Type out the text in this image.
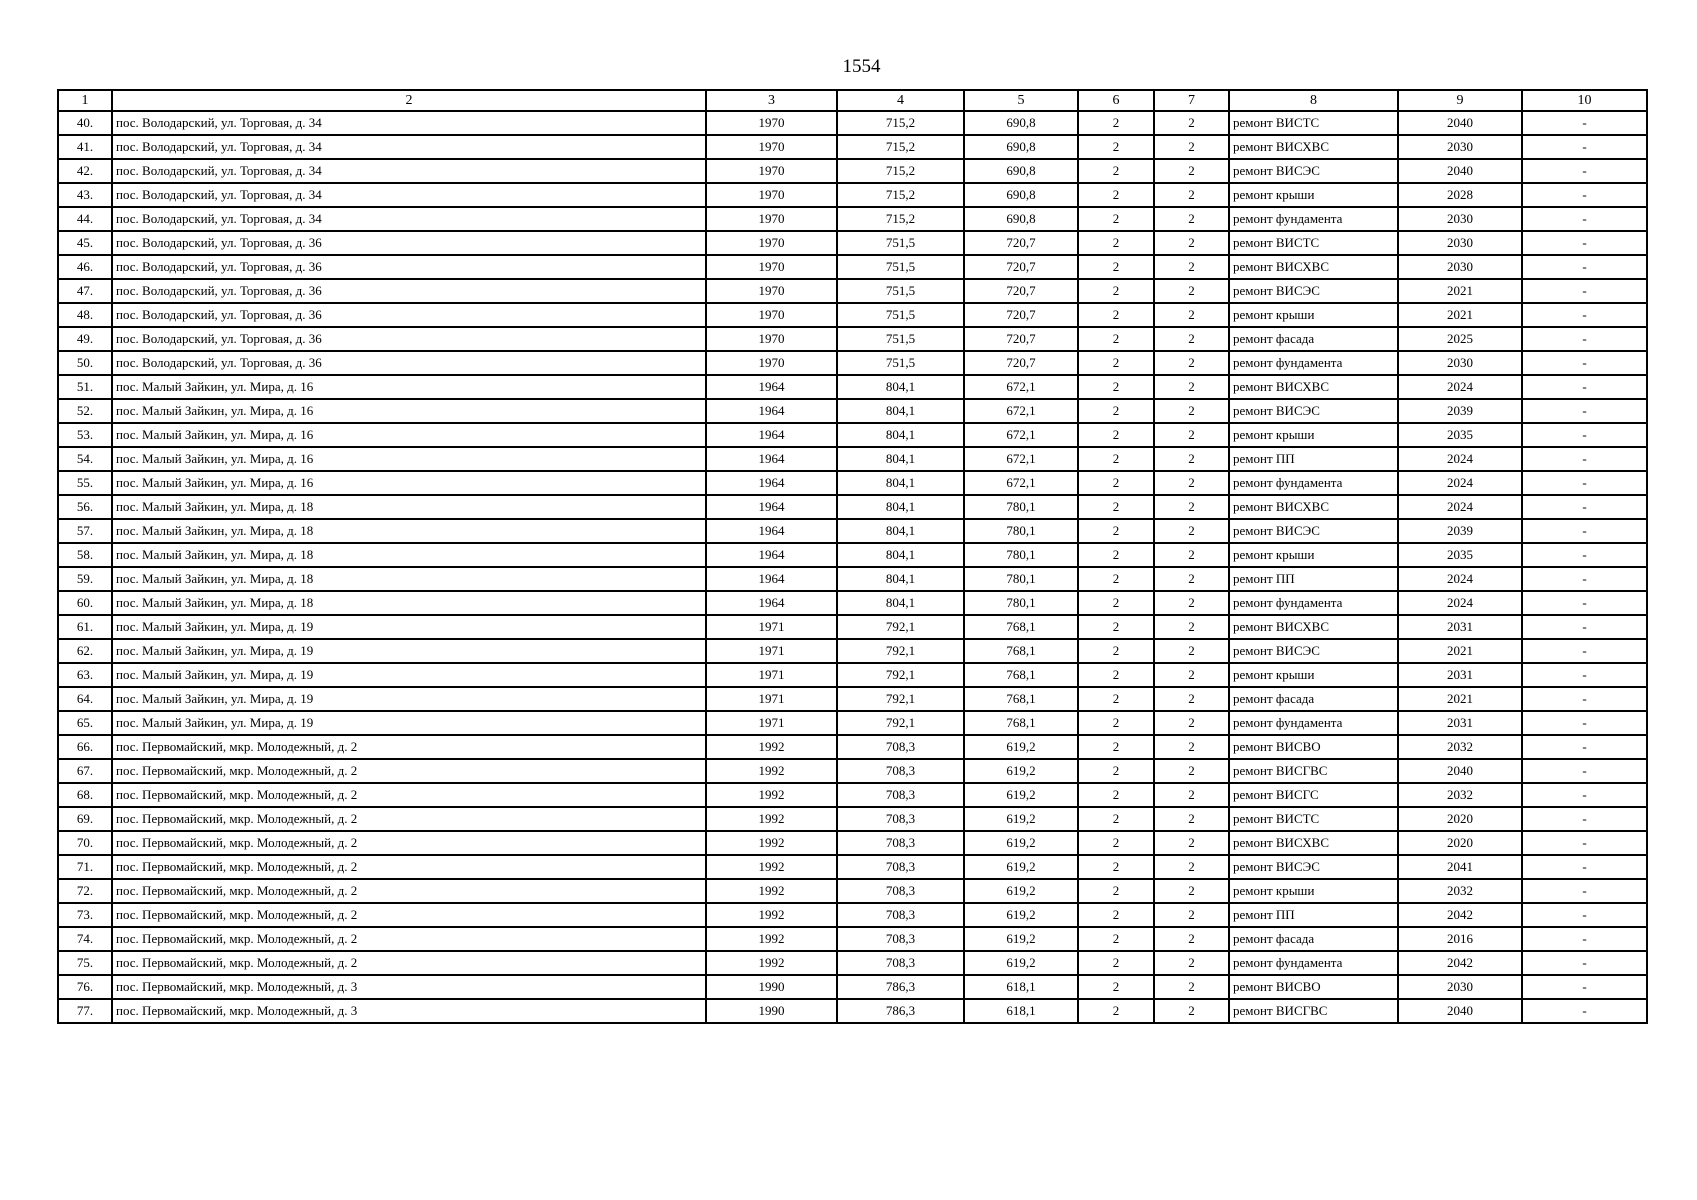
1554
1	2	3	4	5	6	7	8	9	10
40.	пос. Володарский, ул. Торговая, д. 34	1970	715,2	690,8	2	2	ремонт ВИСТС	2040	-
41.	пос. Володарский, ул. Торговая, д. 34	1970	715,2	690,8	2	2	ремонт ВИСХВС	2030	-
42.	пос. Володарский, ул. Торговая, д. 34	1970	715,2	690,8	2	2	ремонт ВИСЭС	2040	-
43.	пос. Володарский, ул. Торговая, д. 34	1970	715,2	690,8	2	2	ремонт крыши	2028	-
44.	пос. Володарский, ул. Торговая, д. 34	1970	715,2	690,8	2	2	ремонт фундамента	2030	-
45.	пос. Володарский, ул. Торговая, д. 36	1970	751,5	720,7	2	2	ремонт ВИСТС	2030	-
46.	пос. Володарский, ул. Торговая, д. 36	1970	751,5	720,7	2	2	ремонт ВИСХВС	2030	-
47.	пос. Володарский, ул. Торговая, д. 36	1970	751,5	720,7	2	2	ремонт ВИСЭС	2021	-
48.	пос. Володарский, ул. Торговая, д. 36	1970	751,5	720,7	2	2	ремонт крыши	2021	-
49.	пос. Володарский, ул. Торговая, д. 36	1970	751,5	720,7	2	2	ремонт фасада	2025	-
50.	пос. Володарский, ул. Торговая, д. 36	1970	751,5	720,7	2	2	ремонт фундамента	2030	-
51.	пос. Малый Зайкин, ул. Мира, д. 16	1964	804,1	672,1	2	2	ремонт ВИСХВС	2024	-
52.	пос. Малый Зайкин, ул. Мира, д. 16	1964	804,1	672,1	2	2	ремонт ВИСЭС	2039	-
53.	пос. Малый Зайкин, ул. Мира, д. 16	1964	804,1	672,1	2	2	ремонт крыши	2035	-
54.	пос. Малый Зайкин, ул. Мира, д. 16	1964	804,1	672,1	2	2	ремонт ПП	2024	-
55.	пос. Малый Зайкин, ул. Мира, д. 16	1964	804,1	672,1	2	2	ремонт фундамента	2024	-
56.	пос. Малый Зайкин, ул. Мира, д. 18	1964	804,1	780,1	2	2	ремонт ВИСХВС	2024	-
57.	пос. Малый Зайкин, ул. Мира, д. 18	1964	804,1	780,1	2	2	ремонт ВИСЭС	2039	-
58.	пос. Малый Зайкин, ул. Мира, д. 18	1964	804,1	780,1	2	2	ремонт крыши	2035	-
59.	пос. Малый Зайкин, ул. Мира, д. 18	1964	804,1	780,1	2	2	ремонт ПП	2024	-
60.	пос. Малый Зайкин, ул. Мира, д. 18	1964	804,1	780,1	2	2	ремонт фундамента	2024	-
61.	пос. Малый Зайкин, ул. Мира, д. 19	1971	792,1	768,1	2	2	ремонт ВИСХВС	2031	-
62.	пос. Малый Зайкин, ул. Мира, д. 19	1971	792,1	768,1	2	2	ремонт ВИСЭС	2021	-
63.	пос. Малый Зайкин, ул. Мира, д. 19	1971	792,1	768,1	2	2	ремонт крыши	2031	-
64.	пос. Малый Зайкин, ул. Мира, д. 19	1971	792,1	768,1	2	2	ремонт фасада	2021	-
65.	пос. Малый Зайкин, ул. Мира, д. 19	1971	792,1	768,1	2	2	ремонт фундамента	2031	-
66.	пос. Первомайский, мкр. Молодежный, д. 2	1992	708,3	619,2	2	2	ремонт ВИСВО	2032	-
67.	пос. Первомайский, мкр. Молодежный, д. 2	1992	708,3	619,2	2	2	ремонт ВИСГВС	2040	-
68.	пос. Первомайский, мкр. Молодежный, д. 2	1992	708,3	619,2	2	2	ремонт ВИСГС	2032	-
69.	пос. Первомайский, мкр. Молодежный, д. 2	1992	708,3	619,2	2	2	ремонт ВИСТС	2020	-
70.	пос. Первомайский, мкр. Молодежный, д. 2	1992	708,3	619,2	2	2	ремонт ВИСХВС	2020	-
71.	пос. Первомайский, мкр. Молодежный, д. 2	1992	708,3	619,2	2	2	ремонт ВИСЭС	2041	-
72.	пос. Первомайский, мкр. Молодежный, д. 2	1992	708,3	619,2	2	2	ремонт крыши	2032	-
73.	пос. Первомайский, мкр. Молодежный, д. 2	1992	708,3	619,2	2	2	ремонт ПП	2042	-
74.	пос. Первомайский, мкр. Молодежный, д. 2	1992	708,3	619,2	2	2	ремонт фасада	2016	-
75.	пос. Первомайский, мкр. Молодежный, д. 2	1992	708,3	619,2	2	2	ремонт фундамента	2042	-
76.	пос. Первомайский, мкр. Молодежный, д. 3	1990	786,3	618,1	2	2	ремонт ВИСВО	2030	-
77.	пос. Первомайский, мкр. Молодежный, д. 3	1990	786,3	618,1	2	2	ремонт ВИСГВС	2040	-
